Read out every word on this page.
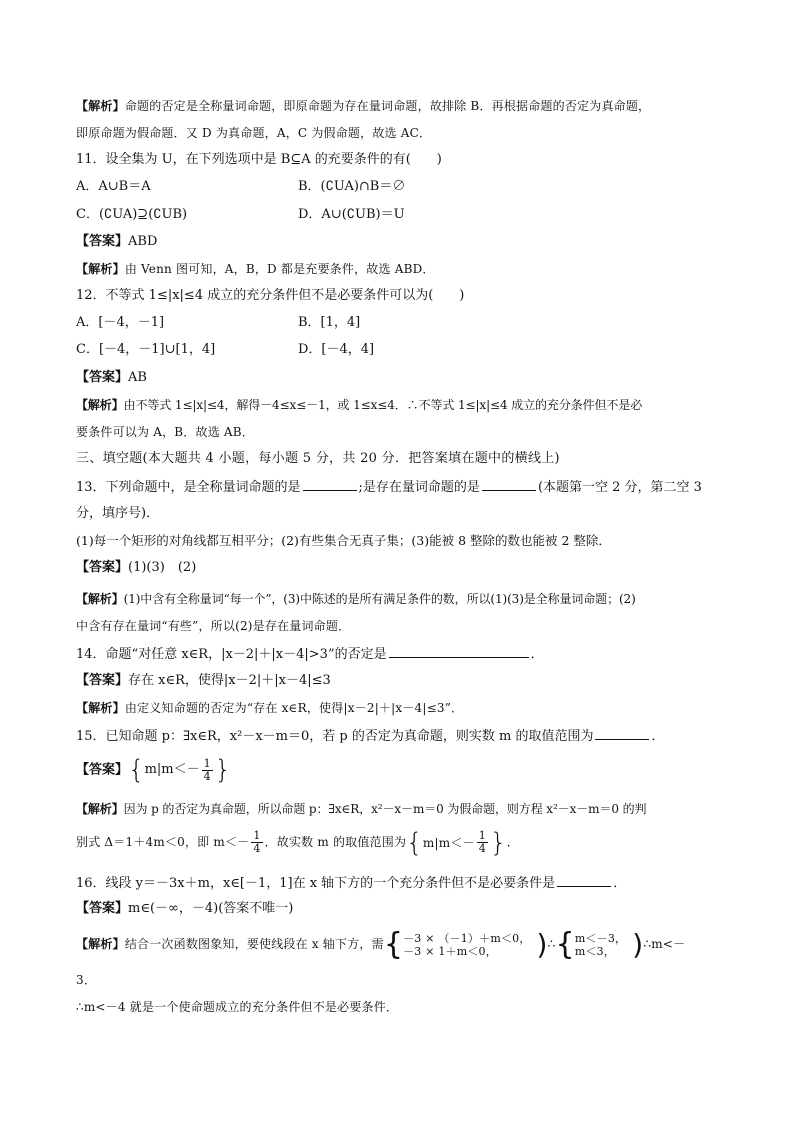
【解析】命题的否定是全称量词命题，即原命题为存在量词命题，故排除 B．再根据命题的否定为真命题，
即原命题为假命题．又 D 为真命题，A，C 为假命题，故选 AC．
11．设全集为 U，在下列选项中是 B⊆A 的充要条件的有(　　)
A．A∪B＝A	B．(∁UA)∩B＝∅
C．(∁UA)⊇(∁UB)	D．A∪(∁UB)＝U
【答案】ABD
【解析】由 Venn 图可知，A，B，D 都是充要条件，故选 ABD．
12．不等式 1≤|x|≤4 成立的充分条件但不是必要条件可以为(　　)
A．[－4，－1]	B．[1，4]
C．[－4，－1]∪[1，4]	D．[－4，4]
【答案】AB
【解析】由不等式 1≤|x|≤4，解得－4≤x≤－1，或 1≤x≤4．∴不等式 1≤|x|≤4 成立的充分条件但不是必
要条件可以为 A，B．故选 AB．
三、填空题(本大题共 4 小题，每小题 5 分，共 20 分．把答案填在题中的横线上)
13．下列命题中，是全称量词命题的是	;是存在量词命题的是	(本题第一空 2 分，第二空 3
分，填序号)．
(1)每一个矩形的对角线都互相平分；(2)有些集合无真子集；(3)能被 8 整除的数也能被 2 整除．
【答案】(1)(3)　(2)
【解析】(1)中含有全称量词“每一个”，(3)中陈述的是所有满足条件的数，所以(1)(3)是全称量词命题；(2)
中含有存在量词“有些”，所以(2)是存在量词命题．
14．命题“对任意 x∈R，|x－2|＋|x－4|>3”的否定是	．
【答案】存在 x∈R，使得|x－2|＋|x－4|≤3
【解析】由定义知命题的否定为“存在 x∈R，使得|x－2|＋|x－4|≤3”．
15．已知命题 p：∃x∈R，x²－x－m＝0，若 p 的否定为真命题，则实数 m 的取值范围为	．
【答案】 { $m|m<- \frac{1}{4}$ }
【解析】因为 p 的否定为真命题，所以命题 p：∃x∈R，x²－x－m＝0 为假命题，则方程 x²－x－m＝0 的判
别式 Δ＝1＋4m＜0，即 $m<- \frac{1}{4}$ ．故实数 m 的取值范围为 { $m|m<- \frac{1}{4}$ } ．
16．线段 y＝－3x＋m，x∈[－1，1]在 x 轴下方的一个充分条件但不是必要条件是	．
【答案】m∈(－∞，－4)(答案不唯一)
【解析】结合一次函数图象知，要使线段在 x 轴下方，需 { －3 × （－1）＋m＜0，
－3 × 1＋m＜0，	) ∴ { m＜－3，
m＜3， ) ∴m<－
3．
∴m<－4 就是一个使命题成立的充分条件但不是必要条件．
